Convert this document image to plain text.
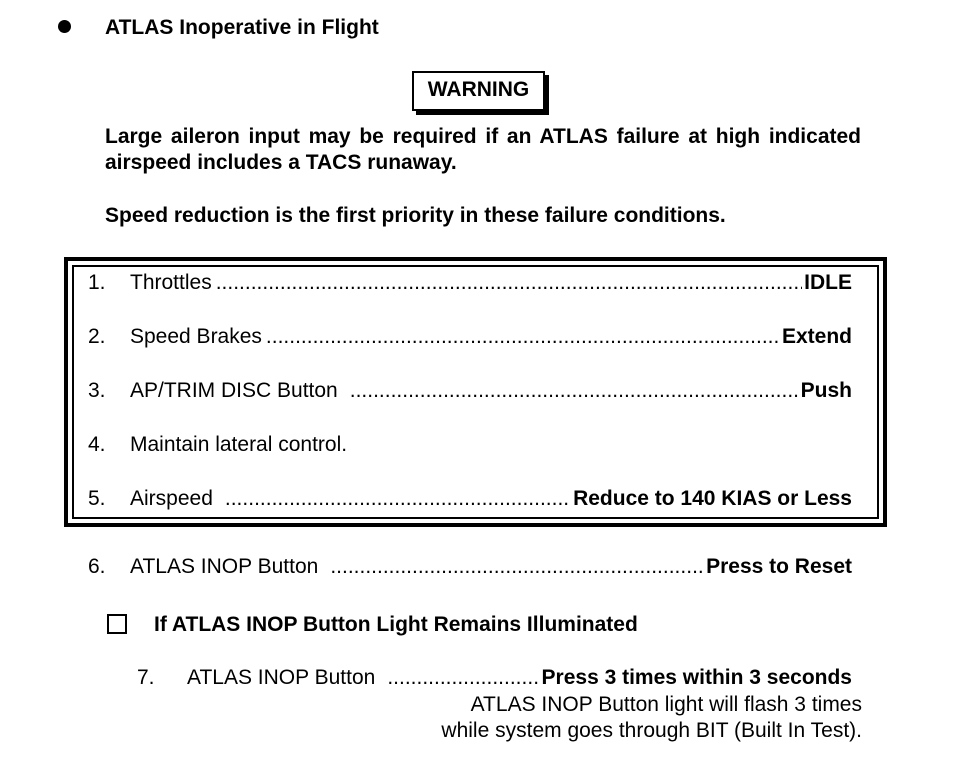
ATLAS Inoperative in Flight
WARNING
Large aileron input may be required if an ATLAS failure at high indicated airspeed includes a TACS runaway.
Speed reduction is the first priority in these failure conditions.
1.	Throttles .....	IDLE
2.	Speed Brakes .....	Extend
3.	AP/TRIM DISC Button .....	Push
4.	Maintain lateral control.
5.	Airspeed .....	Reduce to 140 KIAS or Less
6.	ATLAS INOP Button .....	Press to Reset
If ATLAS INOP Button Light Remains Illuminated
7.	ATLAS INOP Button .....	Press 3 times within 3 seconds
ATLAS INOP Button light will flash 3 times
while system goes through BIT (Built In Test).
